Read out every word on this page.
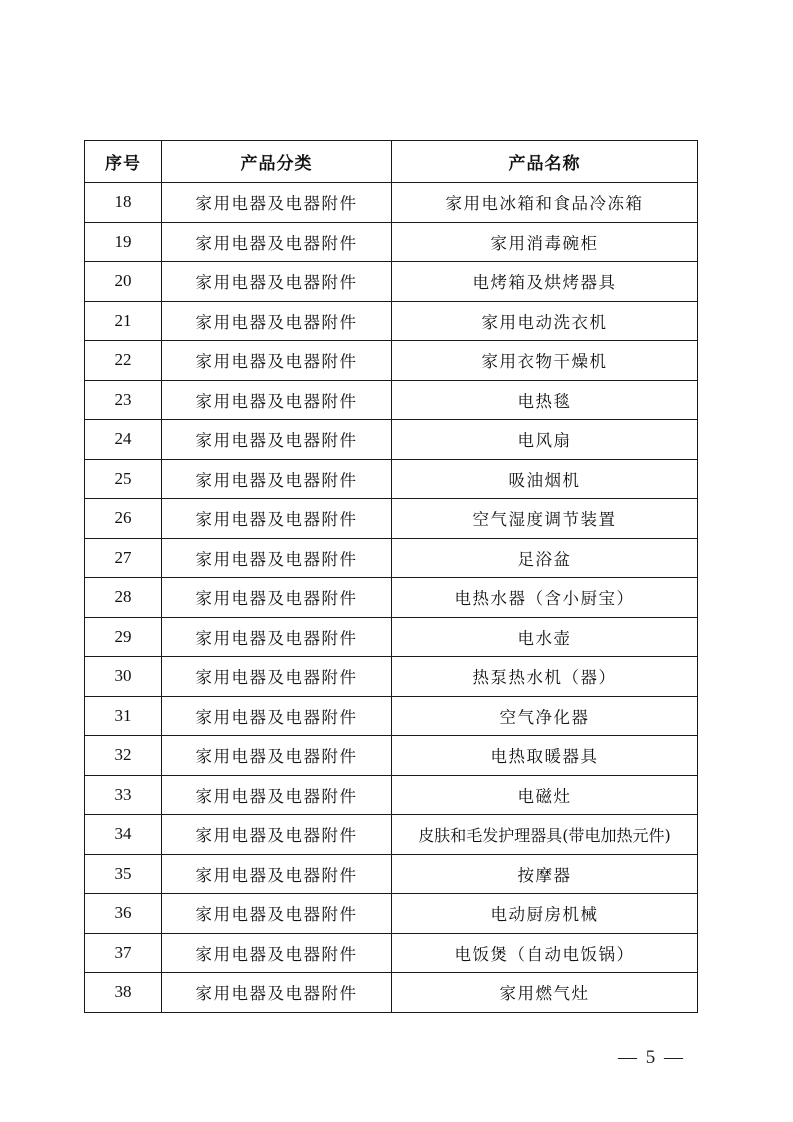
序号	产品分类	产品名称
18	家用电器及电器附件	家用电冰箱和食品冷冻箱
19	家用电器及电器附件	家用消毒碗柜
20	家用电器及电器附件	电烤箱及烘烤器具
21	家用电器及电器附件	家用电动洗衣机
22	家用电器及电器附件	家用衣物干燥机
23	家用电器及电器附件	电热毯
24	家用电器及电器附件	电风扇
25	家用电器及电器附件	吸油烟机
26	家用电器及电器附件	空气湿度调节装置
27	家用电器及电器附件	足浴盆
28	家用电器及电器附件	电热水器（含小厨宝）
29	家用电器及电器附件	电水壶
30	家用电器及电器附件	热泵热水机（器）
31	家用电器及电器附件	空气净化器
32	家用电器及电器附件	电热取暖器具
33	家用电器及电器附件	电磁灶
34	家用电器及电器附件	皮肤和毛发护理器具(带电加热元件)
35	家用电器及电器附件	按摩器
36	家用电器及电器附件	电动厨房机械
37	家用电器及电器附件	电饭煲（自动电饭锅）
38	家用电器及电器附件	家用燃气灶
— 5 —
